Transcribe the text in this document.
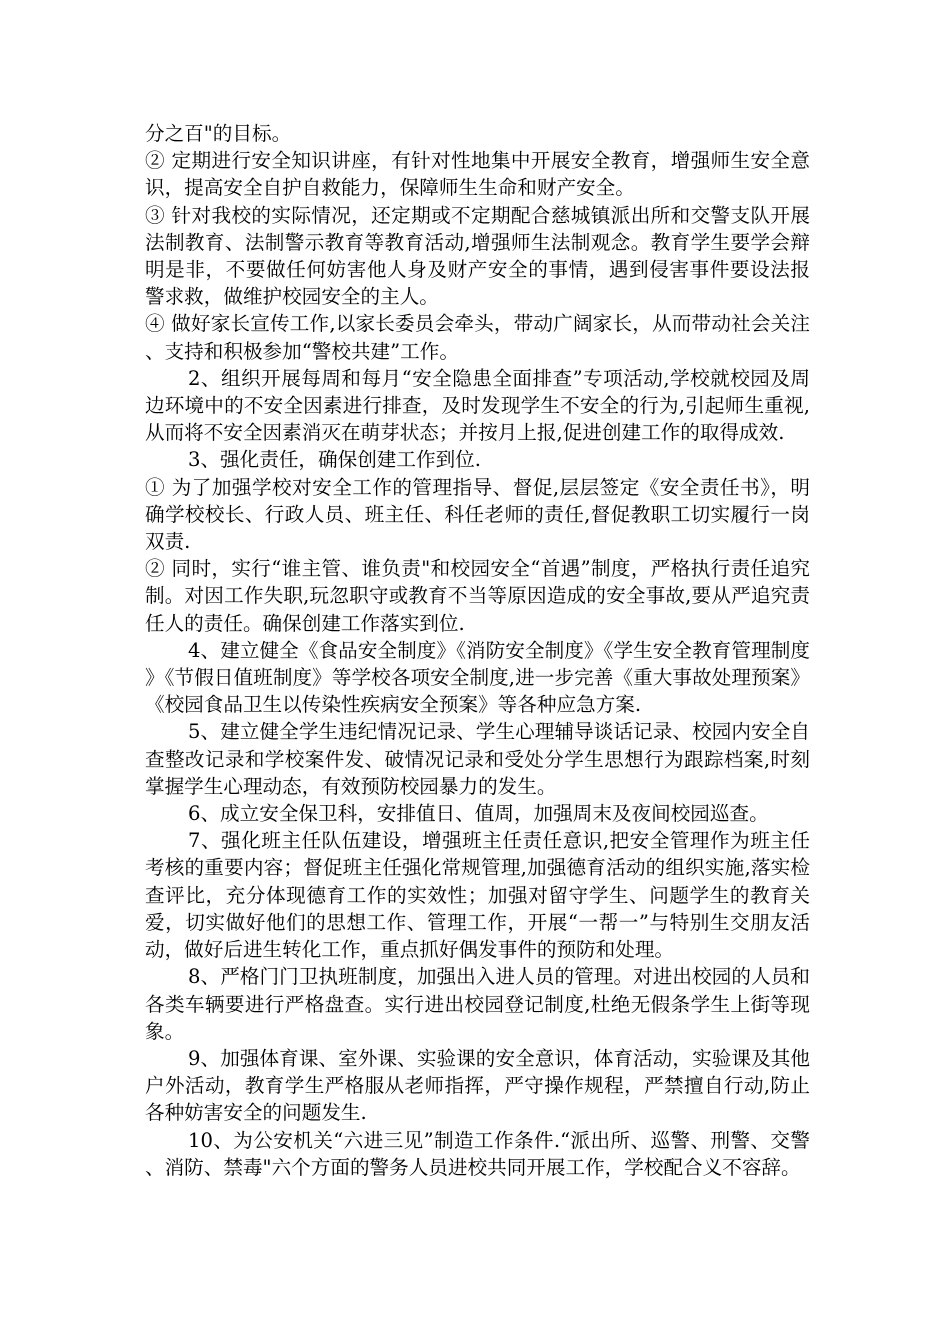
分之百"的目标。

② 定期进行安全知识讲座，有针对性地集中开展安全教育，增强师生安全意识，提高安全自护自救能力，保障师生生命和财产安全。

③ 针对我校的实际情况，还定期或不定期配合慈城镇派出所和交警支队开展法制教育、法制警示教育等教育活动,增强师生法制观念。教育学生要学会辩明是非，不要做任何妨害他人身及财产安全的事情，遇到侵害事件要设法报警求救，做维护校园安全的主人。

④ 做好家长宣传工作,以家长委员会牵头，带动广阔家长，从而带动社会关注、支持和积极参加“警校共建”工作。

2、组织开展每周和每月“安全隐患全面排查”专项活动,学校就校园及周边环境中的不安全因素进行排查，及时发现学生不安全的行为,引起师生重视,从而将不安全因素消灭在萌芽状态；并按月上报,促进创建工作的取得成效.

3、强化责任，确保创建工作到位.

① 为了加强学校对安全工作的管理指导、督促,层层签定《安全责任书》，明确学校校长、行政人员、班主任、科任老师的责任,督促教职工切实履行一岗双责.

② 同时，实行“谁主管、谁负责"和校园安全“首遇”制度，严格执行责任追究制。对因工作失职,玩忽职守或教育不当等原因造成的安全事故,要从严追究责任人的责任。确保创建工作落实到位.

4、建立健全《食品安全制度》《消防安全制度》《学生安全教育管理制度》《节假日值班制度》等学校各项安全制度,进一步完善《重大事故处理预案》《校园食品卫生以传染性疾病安全预案》等各种应急方案.

5、建立健全学生违纪情况记录、学生心理辅导谈话记录、校园内安全自查整改记录和学校案件发、破情况记录和受处分学生思想行为跟踪档案,时刻掌握学生心理动态，有效预防校园暴力的发生。

6、成立安全保卫科，安排值日、值周，加强周末及夜间校园巡查。

7、强化班主任队伍建设，增强班主任责任意识,把安全管理作为班主任考核的重要内容；督促班主任强化常规管理,加强德育活动的组织实施,落实检查评比，充分体现德育工作的实效性；加强对留守学生、问题学生的教育关爱，切实做好他们的思想工作、管理工作，开展“一帮一”与特别生交朋友活动，做好后进生转化工作，重点抓好偶发事件的预防和处理。

8、严格门门卫执班制度，加强出入进人员的管理。对进出校园的人员和各类车辆要进行严格盘查。实行进出校园登记制度,杜绝无假条学生上街等现象。

9、加强体育课、室外课、实验课的安全意识，体育活动，实验课及其他户外活动，教育学生严格服从老师指挥，严守操作规程，严禁擅自行动,防止各种妨害安全的问题发生.

10、为公安机关“六进三见”制造工作条件.“派出所、巡警、刑警、交警、消防、禁毒"六个方面的警务人员进校共同开展工作，学校配合义不容辞。
